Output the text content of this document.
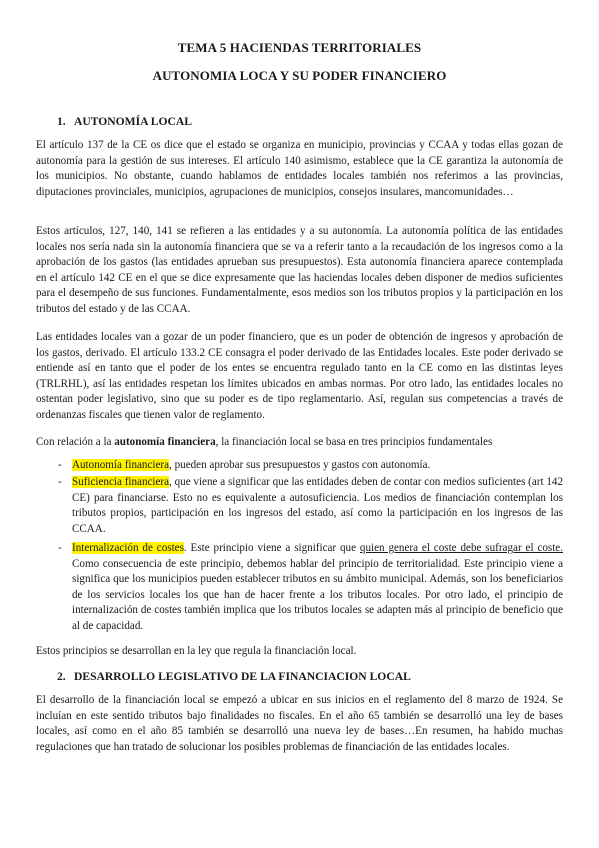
TEMA 5 HACIENDAS TERRITORIALES
AUTONOMIA LOCA Y SU PODER FINANCIERO
1. AUTONOMÍA LOCAL
El artículo 137 de la CE os dice que el estado se organiza en municipio, provincias y CCAA y todas ellas gozan de autonomía para la gestión de sus intereses. El artículo 140 asimismo, establece que la CE garantiza la autonomía de los municipios. No obstante, cuando hablamos de entidades locales también nos referimos a las provincias, diputaciones provinciales, municipios, agrupaciones de municipios, consejos insulares, mancomunidades…
Estos artículos, 127, 140, 141 se refieren a las entidades y a su autonomía. La autonomía política de las entidades locales nos sería nada sin la autonomía financiera que se va a referir tanto a la recaudación de los ingresos como a la aprobación de los gastos (las entidades aprueban sus presupuestos). Esta autonomía financiera aparece contemplada en el artículo 142 CE en el que se dice expresamente que las haciendas locales deben disponer de medios suficientes para el desempeño de sus funciones. Fundamentalmente, esos medios son los tributos propios y la participación en los tributos del estado y de las CCAA.
Las entidades locales van a gozar de un poder financiero, que es un poder de obtención de ingresos y aprobación de los gastos, derivado. El artículo 133.2 CE consagra el poder derivado de las Entidades locales. Este poder derivado se entiende así en tanto que el poder de los entes se encuentra regulado tanto en la CE como en las distintas leyes (TRLRHL), así las entidades respetan los límites ubicados en ambas normas. Por otro lado, las entidades locales no ostentan poder legislativo, sino que su poder es de tipo reglamentario. Así, regulan sus competencias a través de ordenanzas fiscales que tienen valor de reglamento.
Con relación a la autonomía financiera, la financiación local se basa en tres principios fundamentales
- Autonomía financiera, pueden aprobar sus presupuestos y gastos con autonomía.
- Suficiencia financiera, que viene a significar que las entidades deben de contar con medios suficientes (art 142 CE) para financiarse. Esto no es equivalente a autosuficiencia. Los medios de financiación contemplan los tributos propios, participación en los ingresos del estado, así como la participación en los ingresos de las CCAA.
- Internalización de costes. Este principio viene a significar que quien genera el coste debe sufragar el coste. Como consecuencia de este principio, debemos hablar del principio de territorialidad. Este principio viene a significa que los municipios pueden establecer tributos en su ámbito municipal. Además, son los beneficiarios de los servicios locales los que han de hacer frente a los tributos locales. Por otro lado, el principio de internalización de costes también implica que los tributos locales se adapten más al principio de beneficio que al de capacidad.
Estos principios se desarrollan en la ley que regula la financiación local.
2. DESARROLLO LEGISLATIVO DE LA FINANCIACION LOCAL
El desarrollo de la financiación local se empezó a ubicar en sus inicios en el reglamento del 8 marzo de 1924. Se incluían en este sentido tributos bajo finalidades no fiscales. En el año 65 también se desarrolló una ley de bases locales, así como en el año 85 también se desarrolló una nueva ley de bases…En resumen, ha habido muchas regulaciones que han tratado de solucionar los posibles problemas de financiación de las entidades locales.
